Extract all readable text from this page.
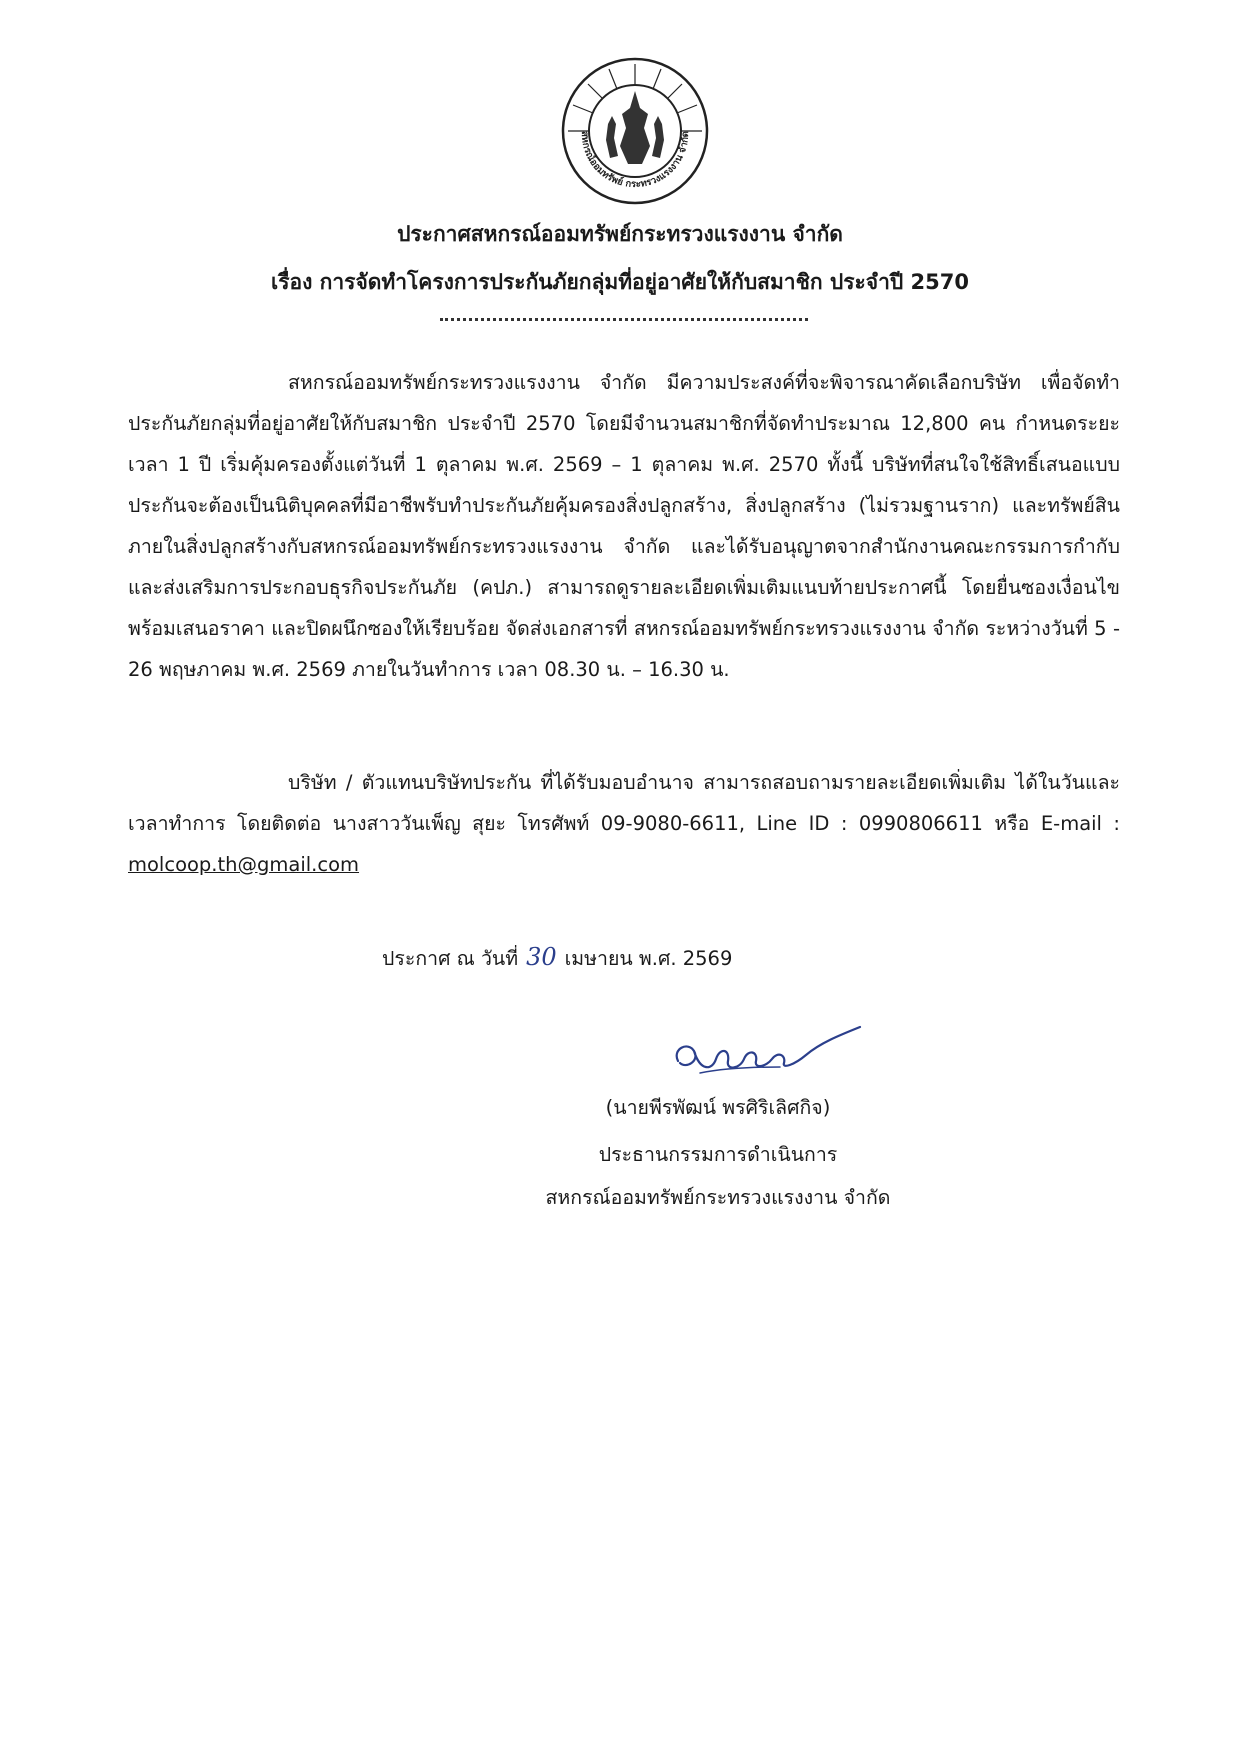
สหกรณ์ออมทรัพย์ กระทรวงแรงงาน จำกัด
ประกาศสหกรณ์ออมทรัพย์กระทรวงแรงงาน จำกัด
เรื่อง การจัดทำโครงการประกันภัยกลุ่มที่อยู่อาศัยให้กับสมาชิก ประจำปี 2570

สหกรณ์ออมทรัพย์กระทรวงแรงงาน จำกัด มีความประสงค์ที่จะพิจารณาคัดเลือกบริษัท เพื่อจัดทำประกันภัยกลุ่มที่อยู่อาศัยให้กับสมาชิก ประจำปี 2570 โดยมีจำนวนสมาชิกที่จัดทำประมาณ 12,800 คน กำหนดระยะเวลา 1 ปี เริ่มคุ้มครองตั้งแต่วันที่ 1 ตุลาคม พ.ศ. 2569 – 1 ตุลาคม พ.ศ. 2570 ทั้งนี้ บริษัทที่สนใจใช้สิทธิ์เสนอแบบประกันจะต้องเป็นนิติบุคคลที่มีอาชีพรับทำประกันภัยคุ้มครองสิ่งปลูกสร้าง, สิ่งปลูกสร้าง (ไม่รวมฐานราก) และทรัพย์สินภายในสิ่งปลูกสร้างกับสหกรณ์ออมทรัพย์กระทรวงแรงงาน จำกัด และได้รับอนุญาตจากสำนักงานคณะกรรมการกำกับและส่งเสริมการประกอบธุรกิจประกันภัย (คปภ.) สามารถดูรายละเอียดเพิ่มเติมแนบท้ายประกาศนี้ โดยยื่นซองเงื่อนไขพร้อมเสนอราคา และปิดผนึกซองให้เรียบร้อย จัดส่งเอกสารที่ สหกรณ์ออมทรัพย์กระทรวงแรงงาน จำกัด ระหว่างวันที่ 5 - 26 พฤษภาคม พ.ศ. 2569 ภายในวันทำการ เวลา 08.30 น. – 16.30 น.

บริษัท / ตัวแทนบริษัทประกัน ที่ได้รับมอบอำนาจ สามารถสอบถามรายละเอียดเพิ่มเติม ได้ในวันและเวลาทำการ โดยติดต่อ นางสาววันเพ็ญ สุยะ โทรศัพท์ 09-9080-6611, Line ID : 0990806611 หรือ E-mail : molcoop.th@gmail.com

ประกาศ ณ วันที่ 30 เมษายน พ.ศ. 2569
(นายพีรพัฒน์ พรศิริเลิศกิจ)
ประธานกรรมการดำเนินการ
สหกรณ์ออมทรัพย์กระทรวงแรงงาน จำกัด
